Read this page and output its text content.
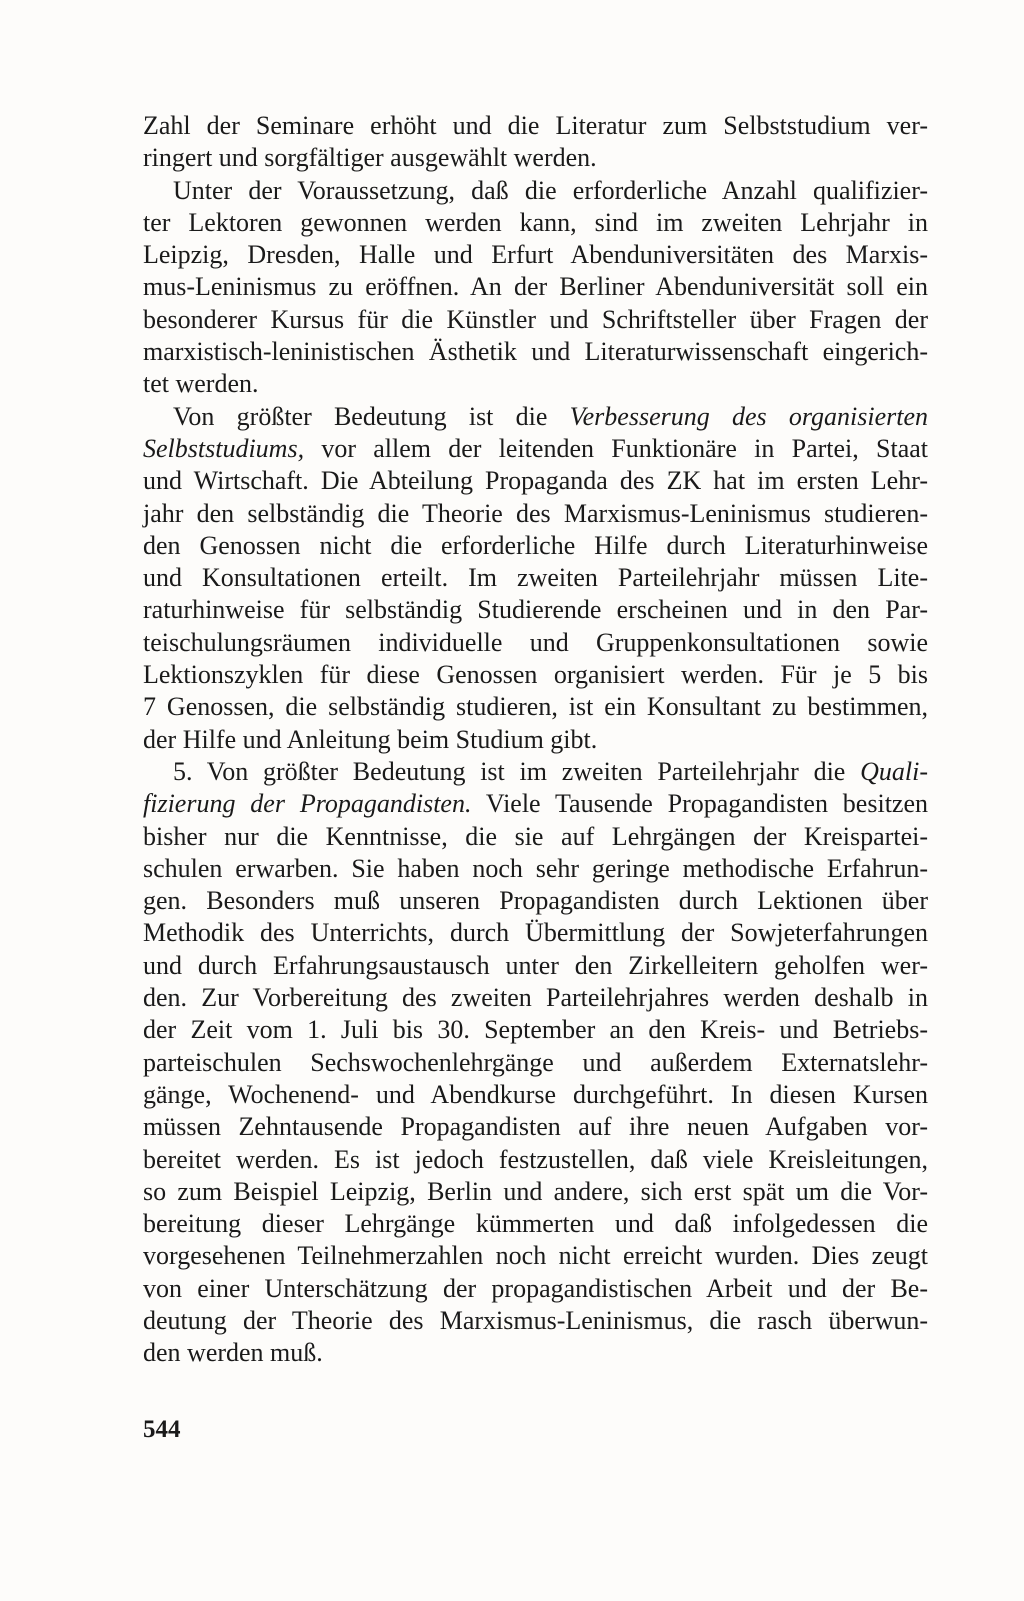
Zahl der Seminare erhöht und die Literatur zum Selbststudium ver-
ringert und sorgfältiger ausgewählt werden.
Unter der Voraussetzung, daß die erforderliche Anzahl qualifizier-
ter Lektoren gewonnen werden kann, sind im zweiten Lehrjahr in
Leipzig, Dresden, Halle und Erfurt Abenduniversitäten des Marxis-
mus-Leninismus zu eröffnen. An der Berliner Abenduniversität soll ein
besonderer Kursus für die Künstler und Schriftsteller über Fragen der
marxistisch-leninistischen Ästhetik und Literaturwissenschaft eingerich-
tet werden.
Von größter Bedeutung ist die Verbesserung des organisierten
Selbststudiums, vor allem der leitenden Funktionäre in Partei, Staat
und Wirtschaft. Die Abteilung Propaganda des ZK hat im ersten Lehr-
jahr den selbständig die Theorie des Marxismus-Leninismus studieren-
den Genossen nicht die erforderliche Hilfe durch Literaturhinweise
und Konsultationen erteilt. Im zweiten Parteilehrjahr müssen Lite-
raturhinweise für selbständig Studierende erscheinen und in den Par-
teischulungsräumen individuelle und Gruppenkonsultationen sowie
Lektionszyklen für diese Genossen organisiert werden. Für je 5 bis
7 Genossen, die selbständig studieren, ist ein Konsultant zu bestimmen,
der Hilfe und Anleitung beim Studium gibt.
5. Von größter Bedeutung ist im zweiten Parteilehrjahr die Quali-
fizierung der Propagandisten. Viele Tausende Propagandisten besitzen
bisher nur die Kenntnisse, die sie auf Lehrgängen der Kreispartei-
schulen erwarben. Sie haben noch sehr geringe methodische Erfahrun-
gen. Besonders muß unseren Propagandisten durch Lektionen über
Methodik des Unterrichts, durch Übermittlung der Sowjeterfahrungen
und durch Erfahrungsaustausch unter den Zirkelleitern geholfen wer-
den. Zur Vorbereitung des zweiten Parteilehrjahres werden deshalb in
der Zeit vom 1. Juli bis 30. September an den Kreis- und Betriebs-
parteischulen Sechswochenlehrgänge und außerdem Externatslehr-
gänge, Wochenend- und Abendkurse durchgeführt. In diesen Kursen
müssen Zehntausende Propagandisten auf ihre neuen Aufgaben vor-
bereitet werden. Es ist jedoch festzustellen, daß viele Kreisleitungen,
so zum Beispiel Leipzig, Berlin und andere, sich erst spät um die Vor-
bereitung dieser Lehrgänge kümmerten und daß infolgedessen die
vorgesehenen Teilnehmerzahlen noch nicht erreicht wurden. Dies zeugt
von einer Unterschätzung der propagandistischen Arbeit und der Be-
deutung der Theorie des Marxismus-Leninismus, die rasch überwun-
den werden muß.
544
